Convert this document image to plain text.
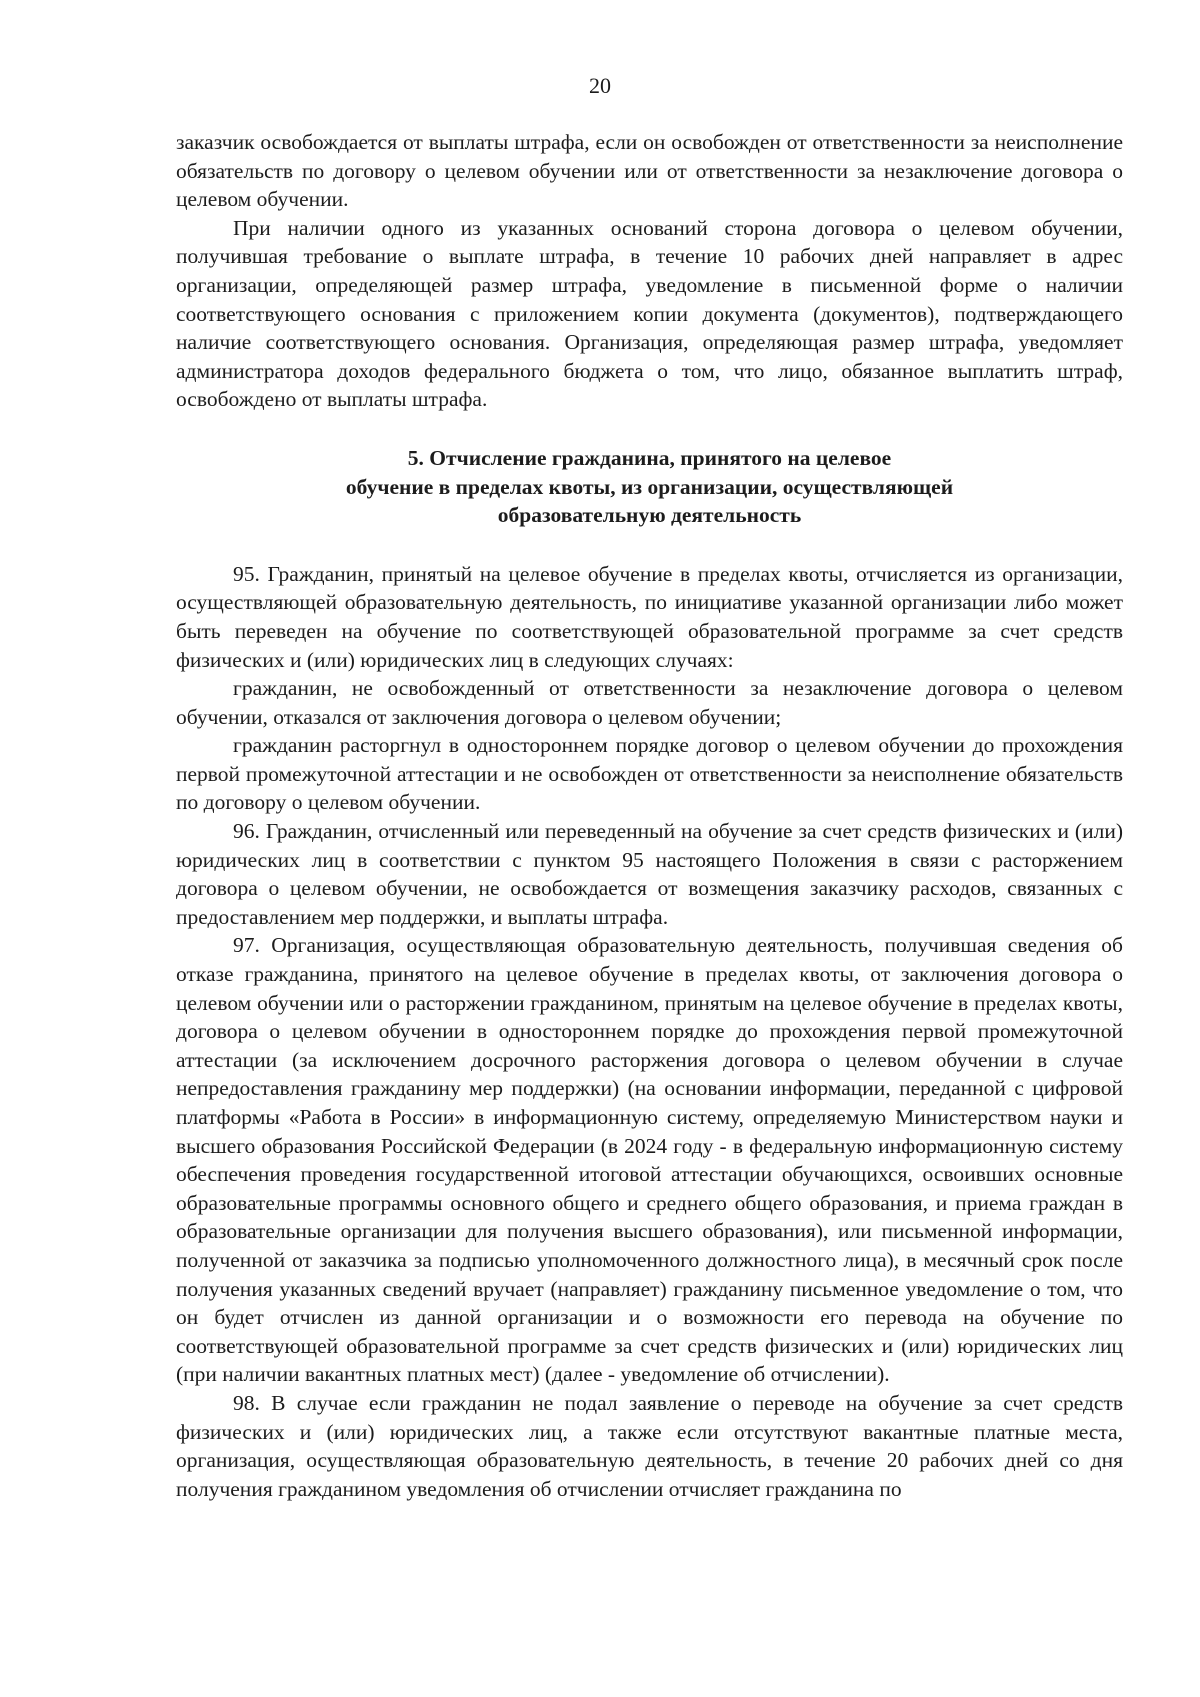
20

заказчик освобождается от выплаты штрафа, если он освобожден от ответственности за неисполнение обязательств по договору о целевом обучении или от ответственности за незаключение договора о целевом обучении.

При наличии одного из указанных оснований сторона договора о целевом обучении, получившая требование о выплате штрафа, в течение 10 рабочих дней направляет в адрес организации, определяющей размер штрафа, уведомление в письменной форме о наличии соответствующего основания с приложением копии документа (документов), подтверждающего наличие соответствующего основания. Организация, определяющая размер штрафа, уведомляет администратора доходов федерального бюджета о том, что лицо, обязанное выплатить штраф, освобождено от выплаты штрафа.

5. Отчисление гражданина, принятого на целевое
обучение в пределах квоты, из организации, осуществляющей
образовательную деятельность

95. Гражданин, принятый на целевое обучение в пределах квоты, отчисляется из организации, осуществляющей образовательную деятельность, по инициативе указанной организации либо может быть переведен на обучение по соответствующей образовательной программе за счет средств физических и (или) юридических лиц в следующих случаях:

гражданин, не освобожденный от ответственности за незаключение договора о целевом обучении, отказался от заключения договора о целевом обучении;

гражданин расторгнул в одностороннем порядке договор о целевом обучении до прохождения первой промежуточной аттестации и не освобожден от ответственности за неисполнение обязательств по договору о целевом обучении.

96. Гражданин, отчисленный или переведенный на обучение за счет средств физических и (или) юридических лиц в соответствии с пунктом 95 настоящего Положения в связи с расторжением договора о целевом обучении, не освобождается от возмещения заказчику расходов, связанных с предоставлением мер поддержки, и выплаты штрафа.

97. Организация, осуществляющая образовательную деятельность, получившая сведения об отказе гражданина, принятого на целевое обучение в пределах квоты, от заключения договора о целевом обучении или о расторжении гражданином, принятым на целевое обучение в пределах квоты, договора о целевом обучении в одностороннем порядке до прохождения первой промежуточной аттестации (за исключением досрочного расторжения договора о целевом обучении в случае непредоставления гражданину мер поддержки) (на основании информации, переданной с цифровой платформы «Работа в России» в информационную систему, определяемую Министерством науки и высшего образования Российской Федерации (в 2024 году - в федеральную информационную систему обеспечения проведения государственной итоговой аттестации обучающихся, освоивших основные образовательные программы основного общего и среднего общего образования, и приема граждан в образовательные организации для получения высшего образования), или письменной информации, полученной от заказчика за подписью уполномоченного должностного лица), в месячный срок после получения указанных сведений вручает (направляет) гражданину письменное уведомление о том, что он будет отчислен из данной организации и о возможности его перевода на обучение по соответствующей образовательной программе за счет средств физических и (или) юридических лиц (при наличии вакантных платных мест) (далее - уведомление об отчислении).

98. В случае если гражданин не подал заявление о переводе на обучение за счет средств физических и (или) юридических лиц, а также если отсутствуют вакантные платные места, организация, осуществляющая образовательную деятельность, в течение 20 рабочих дней со дня получения гражданином уведомления об отчислении отчисляет гражданина по
